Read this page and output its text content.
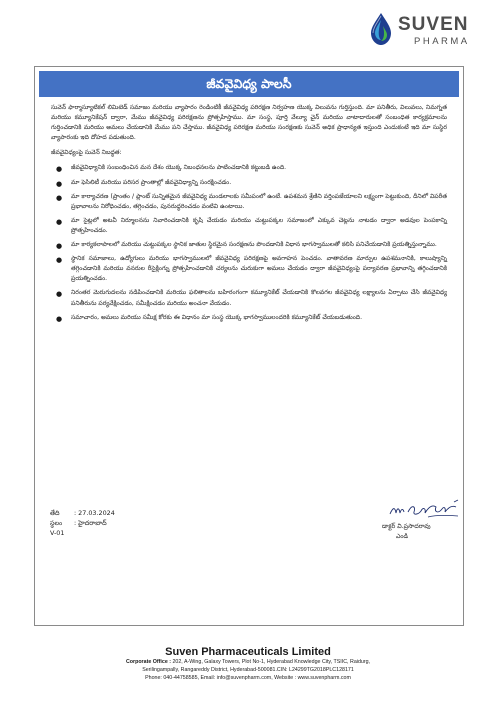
SUVEN
PHARMA
జీవవైవిధ్య పాలసీ

సువెన్ ఫార్మాస్యూటికల్ లిమిటెడ్ సమాజం మరియు వ్యాపారం రెండింటికీ జీవవైవిధ్య పరిరక్షణ నిర్వహణ యొక్క విలువను గుర్తిస్తుంది. మా పనితీరు, విలువలు, నిమగ్నత మరియు కమ్యూనికేషన్ ద్వారా, మేము జీవవైవిధ్య పరిరక్షణను ప్రోత్సహిస్తాము. మా సంస్థ, పూర్తి వేల్యూ చైన్ మరియు వాటాదారులతో సంబంధిత కార్యక్రమాలను గుర్తించడానికి మరియు అమలు చేయడానికి మేము పని చేస్తాము. జీవవైవిధ్య పరిరక్షణ మరియు సంరక్షణకు సువెన్ అధిక ప్రాధాన్యత ఇస్తుంది ఎందుకంటే ఇది మా సుస్థిర వ్యాపారంకు ఇది దోహద పడుతుంది.

జీవవైవిధ్యంపై సువెన్ నిబద్ధత:

● జీవవైవిధ్యానికి సంబంధించిన మన దేశం యొక్క నిబంధనలను పాటించడానికి కట్టుబడి ఉంది.
● మా ఫెసిలిటీ మరియు పరిసర ప్రాంతాల్లో జీవవైవిధ్యాన్ని సంరక్షించడం.
● మా కార్యాచరణ (ప్రాంతం / ప్లాంట్ సున్నితమైన జీవవైవిధ్య మండలాలకు సమీపంలో ఉంటే. ఉపశమన శ్రేణిని వర్తింపజేయాలని లక్ష్యంగా పెట్టుకుంది, దీనిలో విపరీత ప్రభావాలను నిరోధించడం, తగ్గించడం, పునరుద్ధరించడం వంటివి ఉంటాయి.
● మా సైట్లలో అటవీ నిర్మూలనను నివారించడానికి కృషి చేయడం మరియు చుట్టుపక్కల సమాజంలో ఎక్కువ చెట్లను నాటడం ద్వారా అడవుల పెంపకాన్ని ప్రోత్సహించడం.
● మా కార్యకలాపాలలో మరియు చుట్టుపక్కల స్థానిక జాతుల స్థిరమైన సంరక్షణను పొందడానికి విధాన భాగస్వాములతో కలిసి పనిచేయడానికి ప్రయత్నిస్తున్నాము.
● స్థానిక సమాజాలు, ఉద్యోగులు మరియు భాగస్వాములలో జీవవైవిధ్య పరిరక్షణపై అవగాహన పెంచడం. వాతావరణ మార్పుల ఉపశమనానికి, కాలుష్యాన్ని తగ్గించడానికి మరియు వనరుల రీసైక్లింగ్ను ప్రోత్సహించడానికి చర్యలను చురుకుగా అమలు చేయడం ద్వారా జీవవైవిధ్యంపై పర్యావరణ ప్రభావాన్ని తగ్గించడానికి ప్రయత్నించడం.
● నిరంతర మెరుగుదలను నడిపించడానికి మరియు ఫలితాలను బహిరంగంగా కమ్యూనికేట్ చేయడానికి కొలవగల జీవవైవిధ్య లక్ష్యాలను ఏర్పాటు చేసి జీవవైవిధ్య పనితీరును పర్యవేక్షించడం, సమీక్షించడం మరియు అంచనా వేయడం.
● సమాచారం, అమలు మరియు సమీక్ష కోరకు ఈ విధానం మా సంస్థ యొక్క భాగస్వాములందరికి కమ్యూనికేట్ చేయబడుతుంది.
తేది	: 27.03.2024
స్థలం	: హైదరాబాద్
V-01
డాక్టర్ వి.ప్రసాదరావు
ఎండి
Suven Pharmaceuticals Limited
Corporate Office : 202, A-Wing, Galaxy Towers, Plot No-1, Hyderabad Knowledge City, TSIIC, Raidurg,
Serilingampally, Rangareddy District, Hyderabad-500081.CIN: L24299TG2018PLC128171
Phone: 040-44758585, Email: info@suvenpharm.com, Website : www.suvenpharm.com
